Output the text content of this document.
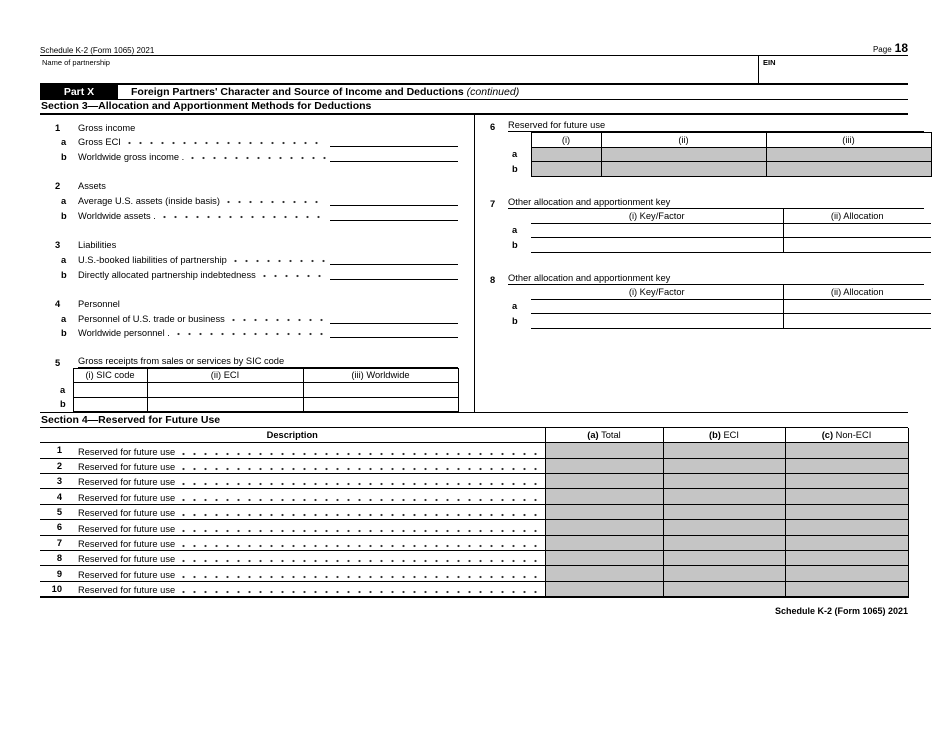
Schedule K-2 (Form 1065) 2021	Page 18
Name of partnership	EIN
Part X	Foreign Partners' Character and Source of Income and Deductions (continued)
Section 3—Allocation and Apportionment Methods for Deductions
1	Gross income
a	Gross ECI
b	Worldwide gross income .
2	Assets
a	Average U.S. assets (inside basis)
b	Worldwide assets .
3	Liabilities
a	U.S.-booked liabilities of partnership
b	Directly allocated partnership indebtedness
4	Personnel
a	Personnel of U.S. trade or business
b	Worldwide personnel .
5	Gross receipts from sales or services by SIC code
	(i) SIC code	(ii) ECI	(iii) Worldwide
a			
b			
6	Reserved for future use
	(i)	(ii)	(iii)
a			
b			
7	Other allocation and apportionment key
	(i) Key/Factor	(ii) Allocation
a		
b		
8	Other allocation and apportionment key
	(i) Key/Factor	(ii) Allocation
a		
b		
Section 4—Reserved for Future Use
Description		(a) Total	(b) ECI	(c) Non-ECI
1	Reserved for future use			

2	Reserved for future use			

3	Reserved for future use			

4	Reserved for future use			

5	Reserved for future use			

6	Reserved for future use			

7	Reserved for future use			

8	Reserved for future use			

9	Reserved for future use			

10	Reserved for future use			

Schedule K-2 (Form 1065) 2021
